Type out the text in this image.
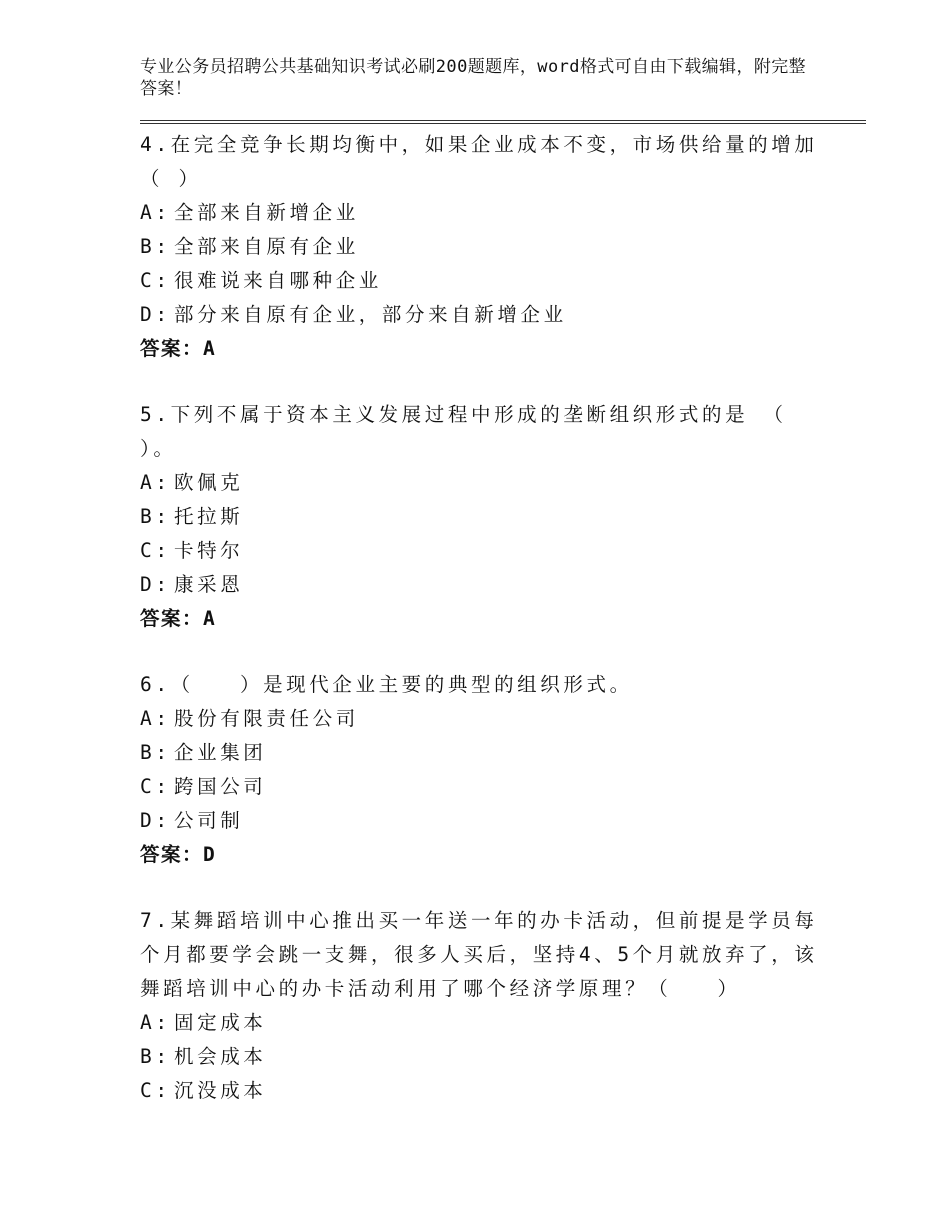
专业公务员招聘公共基础知识考试必刷200题题库，word格式可自由下载编辑，附完整答案！
4.在完全竞争长期均衡中，如果企业成本不变，市场供给量的增加（ ）
A: 全部来自新增企业
B: 全部来自原有企业
C: 很难说来自哪种企业
D: 部分来自原有企业，部分来自新增企业
答案：A
5.下列不属于资本主义发展过程中形成的垄断组织形式的是 （　　）。
A: 欧佩克
B: 托拉斯
C: 卡特尔
D: 康采恩
答案：A
6.（　　）是现代企业主要的典型的组织形式。
A: 股份有限责任公司
B: 企业集团
C: 跨国公司
D: 公司制
答案：D
7.某舞蹈培训中心推出买一年送一年的办卡活动，但前提是学员每个月都要学会跳一支舞，很多人买后，坚持4、5个月就放弃了，该舞蹈培训中心的办卡活动利用了哪个经济学原理？（　　）
A: 固定成本
B: 机会成本
C: 沉没成本
